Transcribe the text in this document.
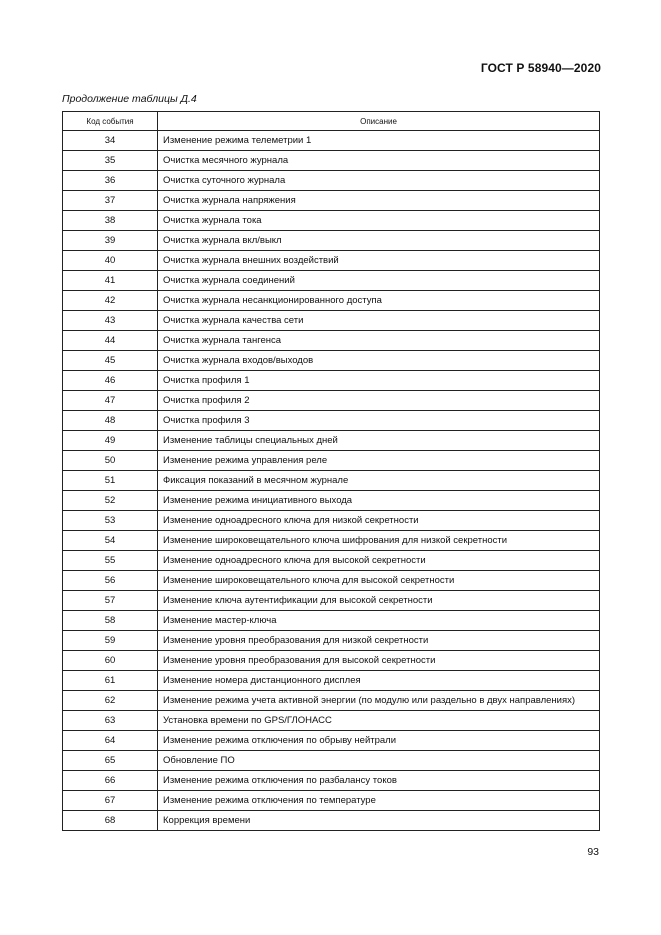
ГОСТ Р 58940—2020
Продолжение таблицы Д.4
Код события	Описание
34	Изменение режима телеметрии 1
35	Очистка месячного журнала
36	Очистка суточного журнала
37	Очистка журнала напряжения
38	Очистка журнала тока
39	Очистка журнала вкл/выкл
40	Очистка журнала внешних воздействий
41	Очистка журнала соединений
42	Очистка журнала несанкционированного доступа
43	Очистка журнала качества сети
44	Очистка журнала тангенса
45	Очистка журнала входов/выходов
46	Очистка профиля 1
47	Очистка профиля 2
48	Очистка профиля 3
49	Изменение таблицы специальных дней
50	Изменение режима управления реле
51	Фиксация показаний в месячном журнале
52	Изменение режима инициативного выхода
53	Изменение одноадресного ключа для низкой секретности
54	Изменение широковещательного ключа шифрования для низкой секретности
55	Изменение одноадресного ключа для высокой секретности
56	Изменение широковещательного ключа для высокой секретности
57	Изменение ключа аутентификации для высокой секретности
58	Изменение мастер-ключа
59	Изменение уровня преобразования для низкой секретности
60	Изменение уровня преобразования для высокой секретности
61	Изменение номера дистанционного дисплея
62	Изменение режима учета активной энергии (по модулю или раздельно в двух направлениях)
63	Установка времени по GPS/ГЛОНАСС
64	Изменение режима отключения по обрыву нейтрали
65	Обновление ПО
66	Изменение режима отключения по разбалансу токов
67	Изменение режима отключения по температуре
68	Коррекция времени
93
